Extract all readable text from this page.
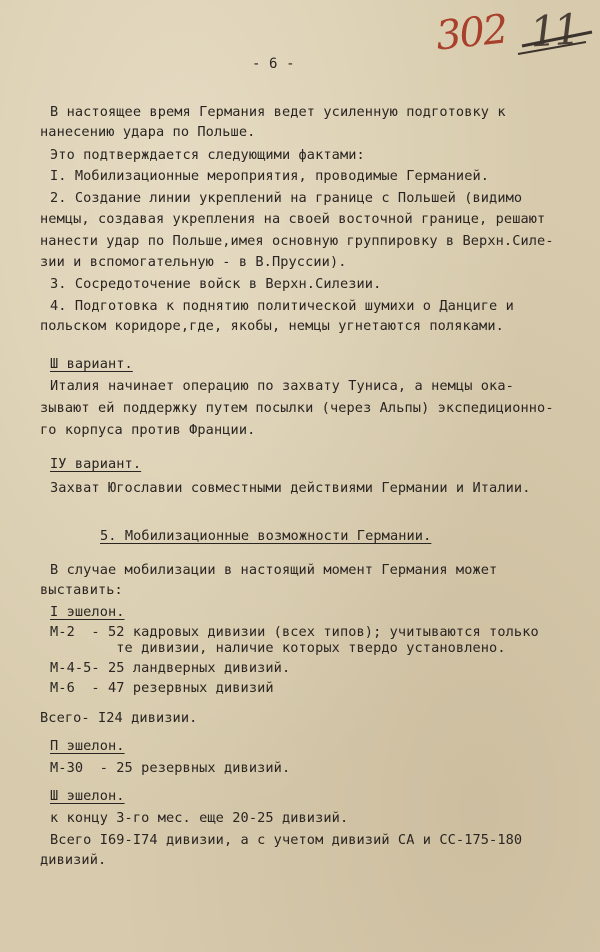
302 11
- 6 -
В настоящее время Германия ведет усиленную подготовку к
нанесению удара по Польше.
Это подтверждается следующими фактами:
I. Мобилизационные мероприятия, проводимые Германией.
2. Создание линии укреплений на границе с Польшей (видимо
немцы, создавая укрепления на своей восточной границе, решают
нанести удар по Польше,имея основную группировку в Верхн.Силе-
зии и вспомогательную - в В.Пруссии).
3. Сосредоточение войск в Верхн.Силезии.
4. Подготовка к поднятию политической шумихи о Данциге и
польском коридоре,где, якобы, немцы угнетаются поляками.
Ш вариант.
Италия начинает операцию по захвату Туниса, а немцы ока-
зывают ей поддержку путем посылки (через Альпы) экспедиционно-
го корпуса против Франции.
IУ вариант.
Захват Югославии совместными действиями Германии и Италии.
5. Мобилизационные возможности Германии.
В случае мобилизации в настоящий момент Германия может
выставить:
I эшелон.
М-2  - 52 кадровых дивизии (всех типов); учитываются только
те дивизии, наличие которых твердо установлено.
М-4-5- 25 ландверных дивизий.
М-6  - 47 резервных дивизий
Всего- I24 дивизии.
П эшелон.
М-30  - 25 резервных дивизий.
Ш эшелон.
к концу 3-го мес. еще 20-25 дивизий.
Всего I69-I74 дивизии, а с учетом дивизий СА и СС-175-180
дивизий.
